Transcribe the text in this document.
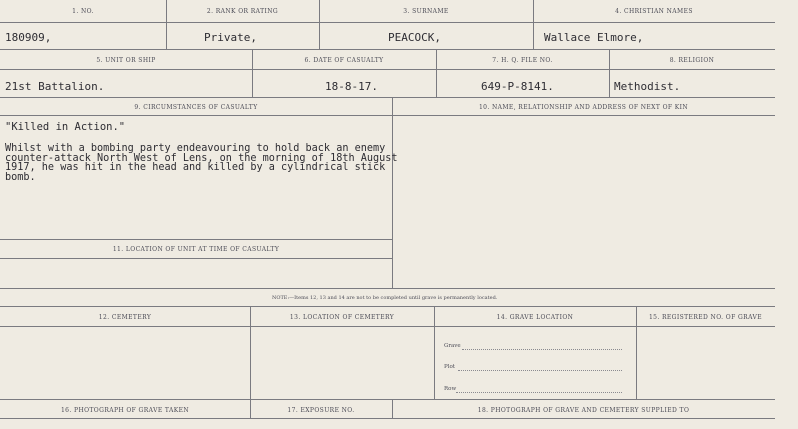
1. NO.	2. RANK OR RATING	3. SURNAME	4. CHRISTIAN NAMES
180909,	Private,	PEACOCK,	Wallace Elmore,
5. UNIT OR SHIP	6. DATE OF CASUALTY	7. H. Q. FILE NO.	8. RELIGION
21st Battalion.	18-8-17.	649-P-8141.	Methodist.
9. CIRCUMSTANCES OF CASUALTY	10. NAME, RELATIONSHIP AND ADDRESS OF NEXT OF KIN
"Killed in Action."
Whilst with a bombing party endeavouring to hold back an enemy
counter-attack North West of Lens, on the morning of 18th August
1917, he was hit in the head and killed by a cylindrical stick
bomb.
11. LOCATION OF UNIT AT TIME OF CASUALTY
NOTE:—Items 12, 13 and 14 are not to be completed until grave is permanently located.
12. CEMETERY	13. LOCATION OF CEMETERY	14. GRAVE LOCATION	15. REGISTERED NO. OF GRAVE
Grave
Plot
Row
16. PHOTOGRAPH OF GRAVE TAKEN	17. EXPOSURE NO.	18. PHOTOGRAPH OF GRAVE AND CEMETERY SUPPLIED TO
